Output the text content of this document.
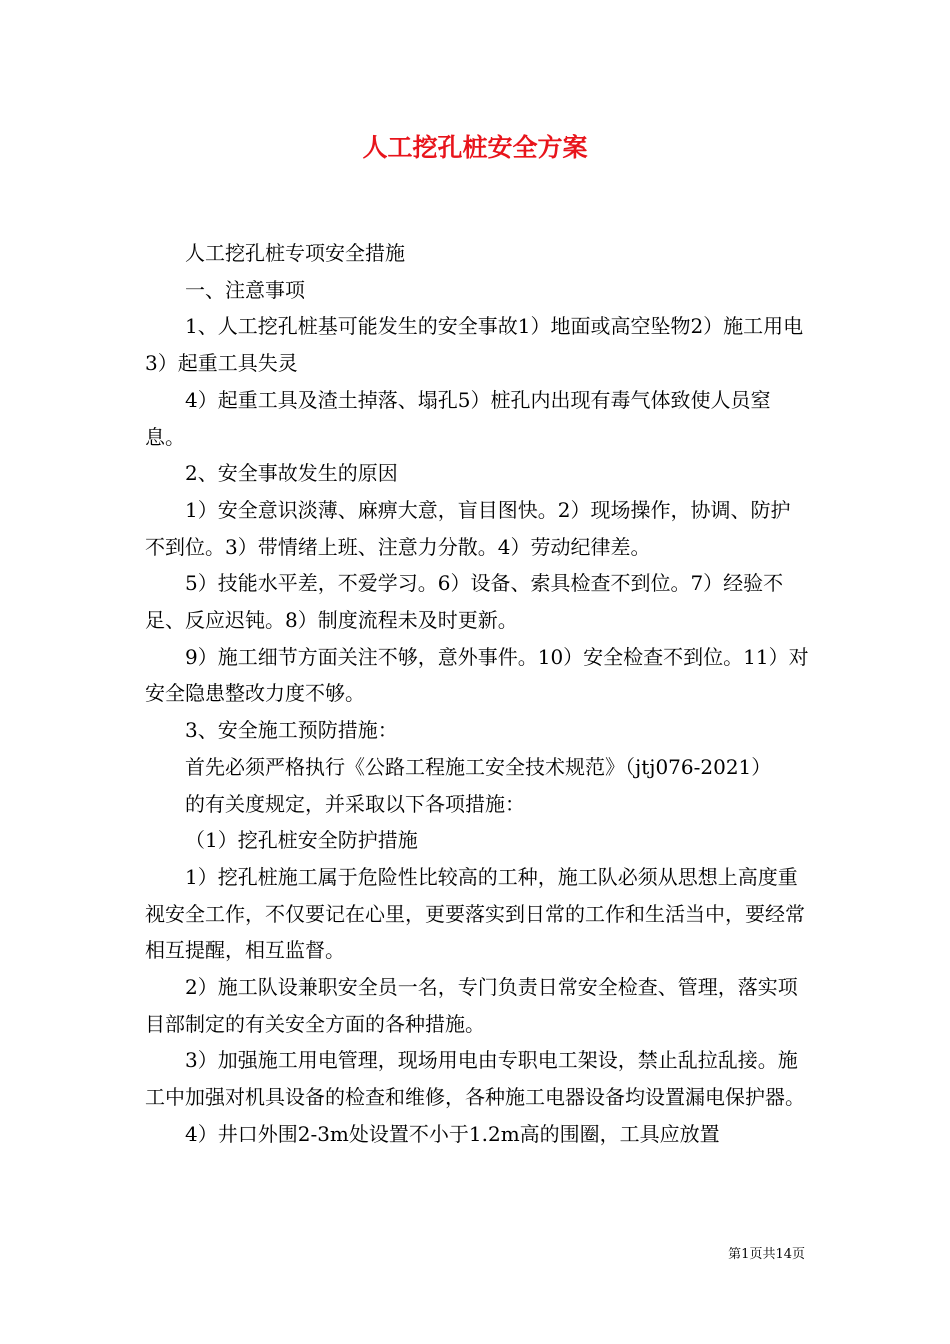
人工挖孔桩安全方案

人工挖孔桩专项安全措施

一、注意事项

1、人工挖孔桩基可能发生的安全事故1）地面或高空坠物2）施工用电3）起重工具失灵

4）起重工具及渣土掉落、塌孔5）桩孔内出现有毒气体致使人员窒息。

2、安全事故发生的原因

1）安全意识淡薄、麻痹大意，盲目图快。2）现场操作，协调、防护不到位。3）带情绪上班、注意力分散。4）劳动纪律差。

5）技能水平差，不爱学习。6）设备、索具检查不到位。7）经验不足、反应迟钝。8）制度流程未及时更新。

9）施工细节方面关注不够，意外事件。10）安全检查不到位。11）对安全隐患整改力度不够。

3、安全施工预防措施：

首先必须严格执行《公路工程施工安全技术规范》（jtj076-2021）

的有关度规定，并采取以下各项措施：

（1）挖孔桩安全防护措施

1）挖孔桩施工属于危险性比较高的工种，施工队必须从思想上高度重视安全工作，不仅要记在心里，更要落实到日常的工作和生活当中，要经常相互提醒，相互监督。

2）施工队设兼职安全员一名，专门负责日常安全检查、管理，落实项目部制定的有关安全方面的各种措施。

3）加强施工用电管理，现场用电由专职电工架设，禁止乱拉乱接。施工中加强对机具设备的检查和维修，各种施工电器设备均设置漏电保护器。

4）井口外围2-3m处设置不小于1.2m高的围圈，工具应放置

第1页共14页
